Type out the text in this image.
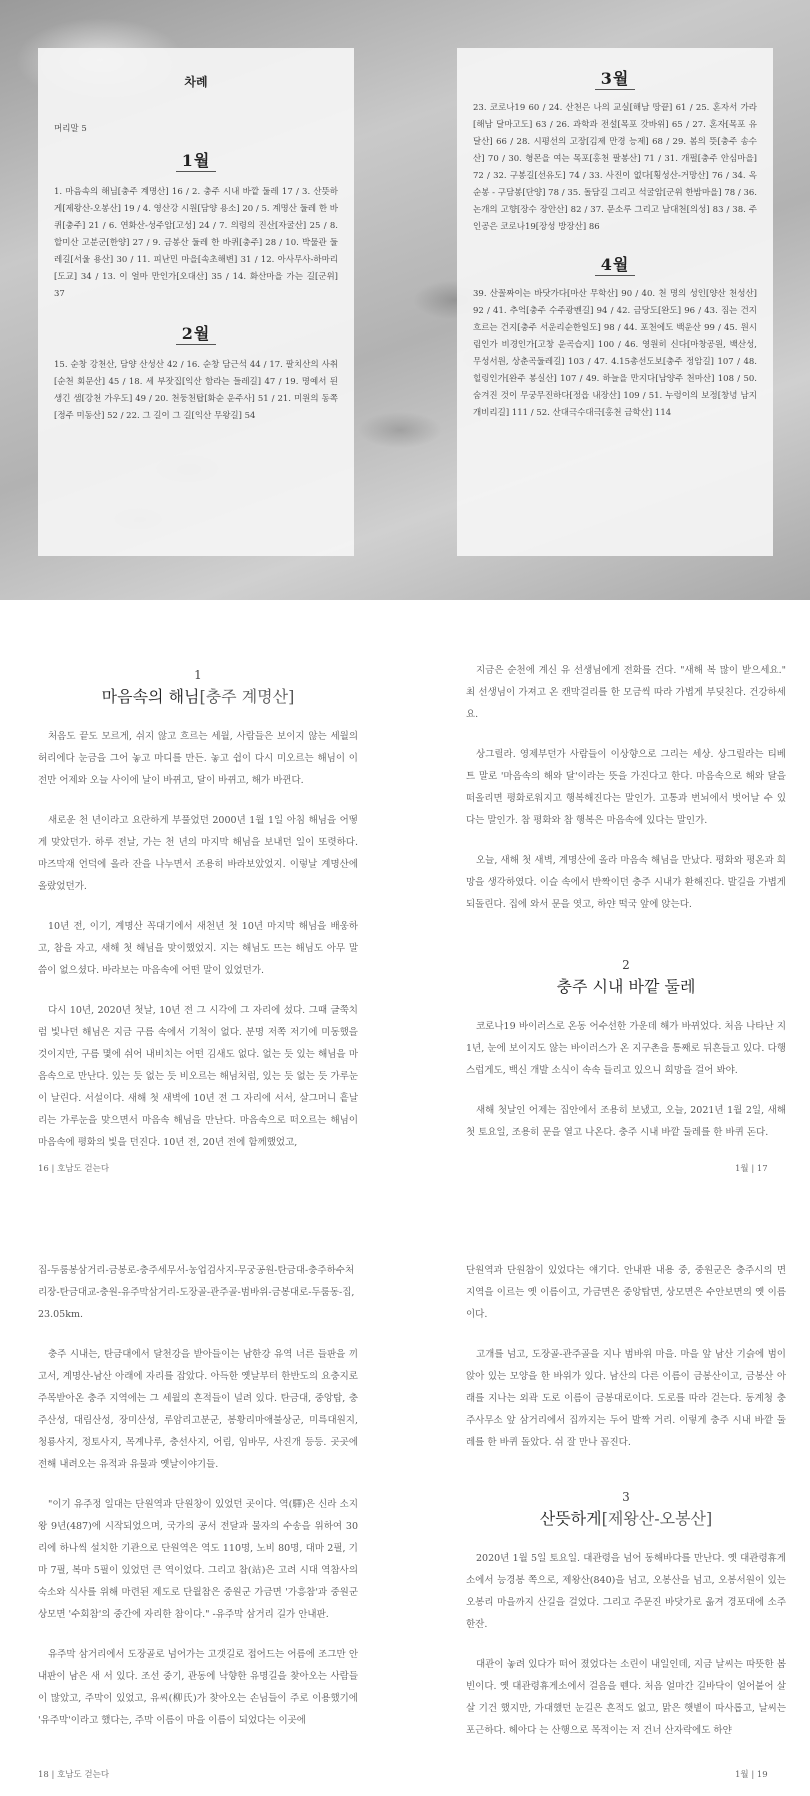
차례

머리말 5

1월

1. 마음속의 해님[충주 계명산] 16 / 2. 충주 시내 바깥 둘레 17 / 3. 산뜻하게[제왕산-오봉산] 19 / 4. 영산강 시원[담양 용소] 20 / 5. 계명산 둘레 한 바퀴[충주] 21 / 6. 연화산-성주암[고성] 24 / 7. 의령의 진산[자굴산] 25 / 8. 할미산 고분군[한양] 27 / 9. 금봉산 둘레 한 바퀴[충주] 28 / 10. 박물관 둘레길[서울 용산] 30 / 11. 피난민 마을[속초해변] 31 / 12. 아사무사-하마리[도교] 34 / 13. 이 얼마 만인가[오대산] 35 / 14. 화산마을 가는 길[군위] 37

2월

15. 순창 강천산, 담양 산성산 42 / 16. 순창 담근석 44 / 17. 팔치산의 사취[순천 회문산] 45 / 18. 세 부잣집[익산 함라는 들레길] 47 / 19. 명예서 된 생긴 샘[강천 가우도] 49 / 20. 천둥천탑[화순 운주사] 51 / 21. 미원의 동쪽[정주 미동산] 52 / 22. 그 길이 그 길[익산 무왕길] 54

3월

23. 코로나19 60 / 24. 산천은 나의 교실[해남 땅끝] 61 / 25. 혼자서 가라[해남 달마고도] 63 / 26. 과학과 전설[목포 갓바위] 65 / 27. 혼자[목포 유달산] 66 / 28. 시평선의 고장[김제 만경 능제] 68 / 29. 봄의 뜻[충주 송수산] 70 / 30. 형몬을 여는 목포[홍천 팔봉산] 71 / 31. 개펄[충주 안심마을] 72 / 32. 구봉길[선유도] 74 / 33. 사진이 없다[횡성산-거망산] 76 / 34. 옥순봉 - 구담봉[단양] 78 / 35. 돌담길 그리고 석굴암[군위 한밤마을] 78 / 36. 논개의 고향[장수 장안산] 82 / 37. 문소루 그리고 남대천[의성] 83 / 38. 주인공은 코로나19[장성 방장산] 86

4월

39. 산꼴짜이는 바닷가다[마산 무학산] 90 / 40. 천 명의 성인[양산 천성산] 92 / 41. 추억[충주 수주광벤길] 94 / 42. 금당도[완도] 96 / 43. 짐는 건지 흐르는 건지[충주 서운리순한일도] 98 / 44. 포천에도 백운산 99 / 45. 원시림인가 비경인가[고창 운곡습지] 100 / 46. 영원히 신다[마창공원, 백산성, 무성서원, 상춘곡둘레길] 103 / 47. 4.15총선도보[충주 정암길] 107 / 48. 힐링인가[완주 봉실산] 107 / 49. 하늘을 만지다[남양주 천마산] 108 / 50. 숨겨진 것이 무궁무진하다[정읍 내장산] 109 / 51. 누렁이의 보정[창녕 남지 개비리길] 111 / 52. 산대극수대극[홍천 금학산] 114

1
마음속의 해님[충주 계명산]

처음도 끝도 모르게, 쉬지 않고 흐르는 세월, 사람들은 보이지 않는 세월의 허리에다 눈금을 그어 놓고 마디를 만든. 놓고 쉽이 다시 미오르는 해님이 이전만 어제와 오늘 사이에 날이 바뀌고, 달이 바뀌고, 해가 바뀐다.

새로운 천 년이라고 요란하게 부풀었던 2000년 1월 1일 아침 해님을 어떻게 맞았던가. 하루 전날, 가는 천 년의 마지막 해님을 보내던 일이 또렷하다. 마즈막재 언덕에 올라 잔을 나누면서 조용히 바라보았었지. 이렇날 계명산에 올랐었던가.

10년 전, 이기, 계명산 꼭대기에서 새천년 첫 10년 마지막 해님을 배웅하고, 참을 자고, 새해 첫 해님을 맞이했었지. 지는 해님도 뜨는 해님도 아무 말씀이 없으셨다. 바라보는 마음속에 어떤 말이 있었던가.

다시 10년, 2020년 첫날, 10년 전 그 시각에 그 자리에 섰다. 그때 글쭉치럼 빛나던 해님은 지금 구름 속에서 기척이 없다. 분명 저쪽 저기에 미동했을 것이지만, 구름 몇에 쉬어 내비치는 어떤 김새도 없다. 없는 듯 있는 해님을 마음속으로 만난다. 있는 듯 없는 듯 비오르는 해님처럼, 있는 듯 없는 듯 가루눈이 날린다. 서설이다. 새해 첫 새벽에 10년 전 그 자리에 서서, 살그머니 흩날리는 가루눈을 맞으면서 마음속 해님을 만난다. 마음속으로 떠오르는 해님이 마음속에 평화의 빛을 던진다. 10년 전, 20년 전에 함께했었고,

16 | 호남도 걷는다

지금은 순천에 계신 유 선생님에게 전화를 건다. "새해 복 많이 받으세요." 최 선생님이 가져고 온 캔막걸리를 한 모금씩 따라 가볍게 부딪친다. 건강하세요.

상그릴라. 영제부던가 사람들이 이상향으로 그리는 세상. 상그릴라는 티베트 말로 '마음속의 해와 달'이라는 뜻을 가진다고 한다. 마음속으로 해와 달을 떠올리면 평화로워지고 행복해진다는 말인가. 고통과 번뇌에서 벗어날 수 있다는 말인가. 참 평화와 참 행복은 마음속에 있다는 말인가.

오늘, 새해 첫 새벽, 계명산에 올라 마음속 해님을 만났다. 평화와 평온과 희망을 생각하였다. 이슬 속에서 반짝이던 충주 시내가 환해진다. 발길을 가볍게 되돌린다. 집에 와서 문을 엿고, 하얀 떡국 앞에 앉는다.

2
충주 시내 바깥 둘레

코로나19 바이러스로 온동 어수선한 가운데 해가 바뀌었다. 처음 나타난 지 1년, 눈에 보이지도 않는 바이러스가 온 지구촌을 통째로 뒤흔들고 있다. 다행스럽게도, 백신 개발 소식이 속속 들리고 있으니 희망을 걸어 봐야.

새해 첫날인 어제는 집안에서 조용히 보냈고, 오늘, 2021년 1월 2일, 새해 첫 토요일, 조용히 문을 열고 나온다. 충주 시내 바깥 둘레를 한 바퀴 돈다.

1월 | 17

집-두룸봉삼거리-금봉로-충주세무서-농업검사지-무궁공원-탄금대-충주하수처리장-탄금대교-충원-유주막삼거리-도장골-관주골-범바위-금봉대로-두룸동-집, 23.05km.

충주 시내는, 탄금대에서 달천강을 받아들이는 남한강 유역 너른 들판을 끼고서, 계명산-남산 아래에 자리를 잡았다. 아득한 옛날부터 한반도의 요충지로 주목받아온 충주 지역에는 그 세월의 흔적들이 널려 있다. 탄금대, 중앙탑, 충주산성, 대림산성, 장미산성, 루암리고분군, 봉황리마애불상군, 미륵대원지, 청룡사지, 정토사지, 목계나루, 충선사지, 어림, 임바무, 사진개 등등. 곳곳에 전해 내려오는 유적과 유물과 옛날이야기들.

"이기 유주정 일대는 단원역과 단원창이 있었던 곳이다. 역(驛)은 신라 소지왕 9년(487)에 시작되었으며, 국가의 공서 전달과 물자의 수송을 위하여 30리에 하나씩 설치한 기관으로 단원역은 역도 110명, 노비 80명, 대마 2필, 기마 7필, 복마 5필이 있었던 큰 역이었다. 그리고 참(站)은 고려 시대 역참사의 숙소와 식사를 위해 마련된 제도로 단월참은 중원군 가금면 '가흥참'과 중원군 상모면 '수회참'의 중간에 자리한 참이다." -유주막 삼거리 길가 안내판.

유주막 삼거리에서 도장골로 넘어가는 고갯길로 접어드는 어름에 조그만 안내판이 남은 새 서 있다. 조선 중기, 관동에 낙향한 유명길을 찾아오는 사람들이 많았고, 주막이 있었고, 유씨(柳氏)가 찾아오는 손님들이 주로 이용했기에 '유주막'이라고 했다는, 주막 이름이 마을 이름이 되었다는 이곳에

18 | 호남도 걷는다

단원역과 단원참이 있었다는 얘기다. 안내판 내용 중, 중원군은 충주시의 면 지역을 이르는 옛 이름이고, 가금면은 중앙탑면, 상모면은 수안보면의 옛 이름이다.

고개를 넘고, 도장골-관주골을 지나 범바위 마을. 마을 앞 남산 기슭에 범이 앉아 있는 모양을 한 바위가 있다. 남산의 다른 이름이 금봉산이고, 금봉산 아래를 지나는 외곽 도로 이름이 금봉대로이다. 도로를 따라 걷는다. 동계청 충주사무소 앞 삼거리에서 집까지는 두어 발짝 거리. 이렇게 충주 시내 바깥 둘레를 한 바퀴 돌았다. 쉬 잘 만나 꼽진다.

3
산뜻하게[제왕산-오봉산]

2020년 1월 5일 토요일. 대관령을 넘어 동해바다를 만난다. 옛 대관령휴게소에서 능경봉 쪽으로, 제왕산(840)을 넘고, 오봉산을 넘고, 오봉서원이 있는 오봉리 마을까지 산길을 걸었다. 그리고 주문진 바닷가로 옮겨 경포대에 소주 한잔.

대관이 놓려 있다가 떠어 졌었다는 소린이 내일인데, 지금 날씨는 따뜻한 봄빈이다. 옛 대관령휴게소에서 걸음을 뗀다. 처음 얼마간 길바닥이 얼어붙어 살살 기건 했지만, 가대했던 눈길은 흔적도 없고, 맑은 햇볕이 따사롭고, 날씨는 포근하다. 헤아다 는 산행으로 목적이는 저 건너 산자락에도 하얀

1월 | 19
